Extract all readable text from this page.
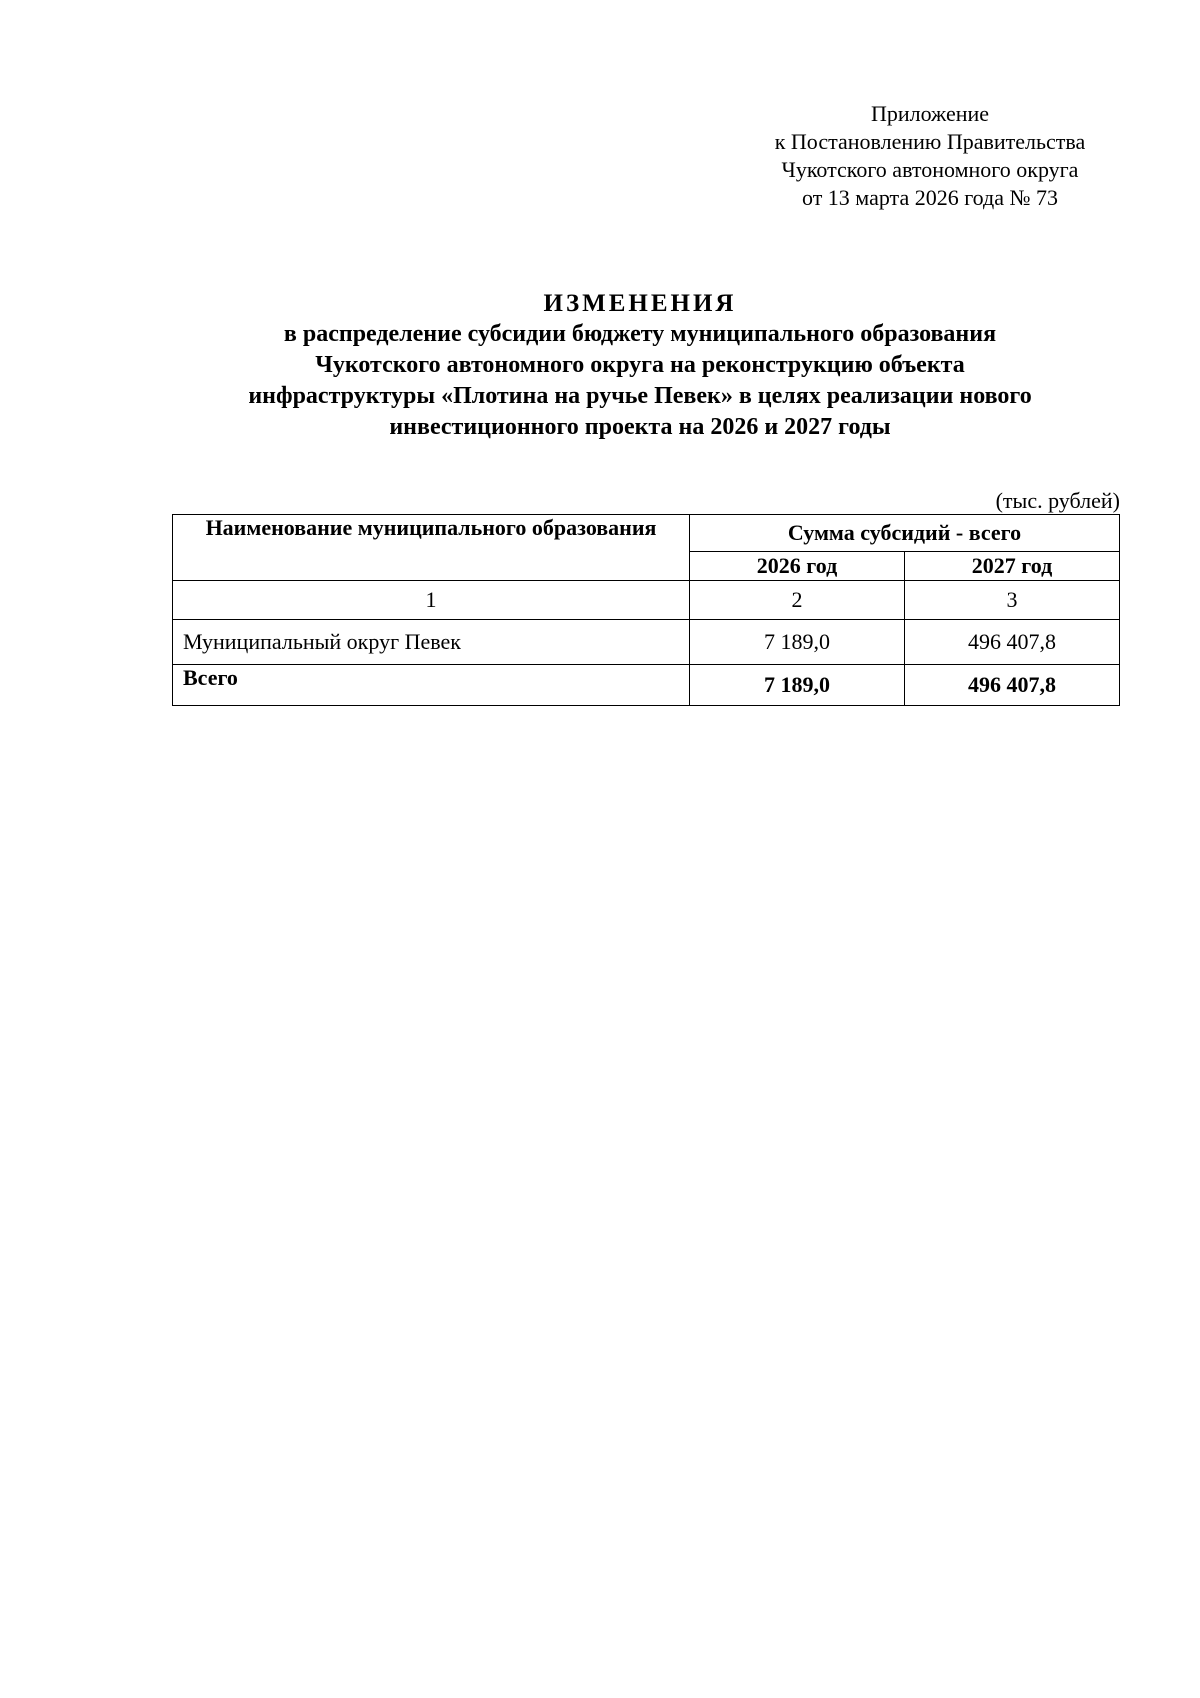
Приложение
к Постановлению Правительства
Чукотского автономного округа
от 13 марта 2026 года № 73
ИЗМЕНЕНИЯ
в распределение субсидии бюджету муниципального образования
Чукотского автономного округа на реконструкцию объекта
инфраструктуры «Плотина на ручье Певек» в целях реализации нового
инвестиционного проекта на 2026 и 2027 годы
(тыс. рублей)
Наименование муниципального образования	Сумма субсидий - всего	
	2026 год	2027 год
1	2	3
Муниципальный округ Певек	7 189,0	496 407,8
Всего	7 189,0	496 407,8
